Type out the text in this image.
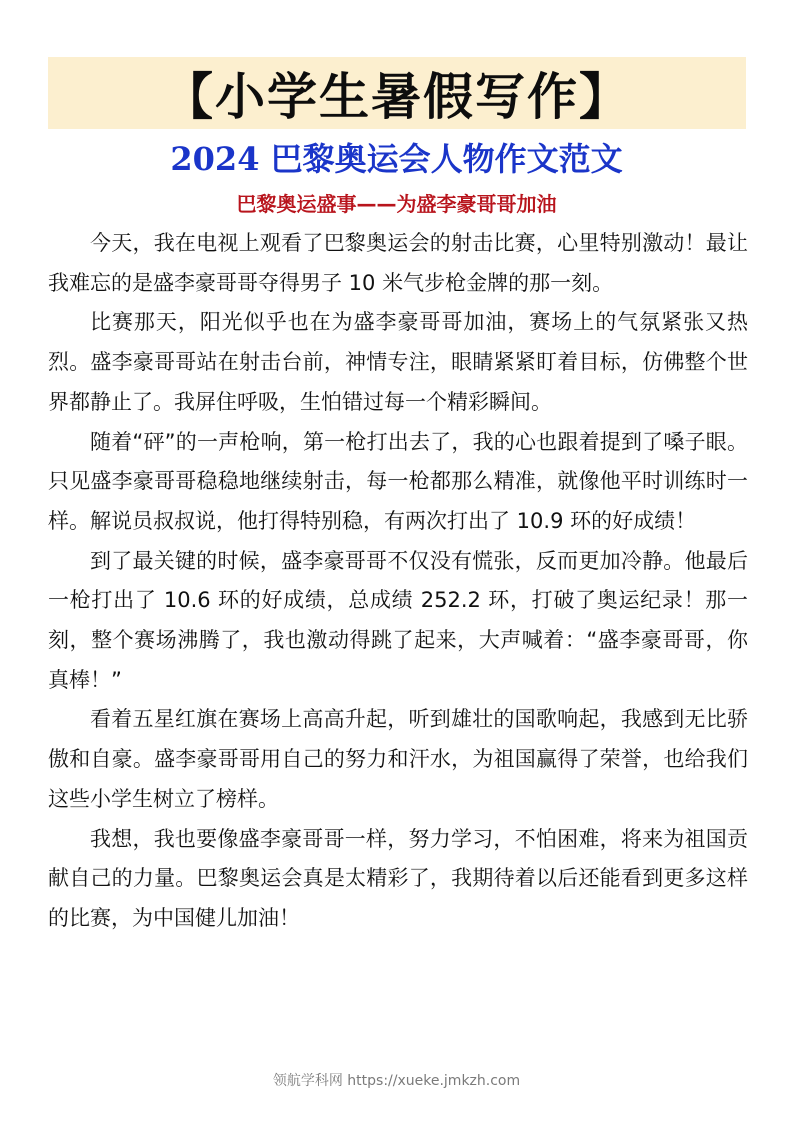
【小学生暑假写作】
2024 巴黎奥运会人物作文范文
巴黎奥运盛事——为盛李豪哥哥加油

今天，我在电视上观看了巴黎奥运会的射击比赛，心里特别激动！最让我难忘的是盛李豪哥哥夺得男子 10 米气步枪金牌的那一刻。

比赛那天，阳光似乎也在为盛李豪哥哥加油，赛场上的气氛紧张又热烈。盛李豪哥哥站在射击台前，神情专注，眼睛紧紧盯着目标，仿佛整个世界都静止了。我屏住呼吸，生怕错过每一个精彩瞬间。

随着“砰”的一声枪响，第一枪打出去了，我的心也跟着提到了嗓子眼。只见盛李豪哥哥稳稳地继续射击，每一枪都那么精准，就像他平时训练时一样。解说员叔叔说，他打得特别稳，有两次打出了 10.9 环的好成绩！

到了最关键的时候，盛李豪哥哥不仅没有慌张，反而更加冷静。他最后一枪打出了 10.6 环的好成绩，总成绩 252.2 环，打破了奥运纪录！那一刻，整个赛场沸腾了，我也激动得跳了起来，大声喊着：“盛李豪哥哥，你真棒！”

看着五星红旗在赛场上高高升起，听到雄壮的国歌响起，我感到无比骄傲和自豪。盛李豪哥哥用自己的努力和汗水，为祖国赢得了荣誉，也给我们这些小学生树立了榜样。

我想，我也要像盛李豪哥哥一样，努力学习，不怕困难，将来为祖国贡献自己的力量。巴黎奥运会真是太精彩了，我期待着以后还能看到更多这样的比赛，为中国健儿加油！

领航学科网 https://xueke.jmkzh.com
